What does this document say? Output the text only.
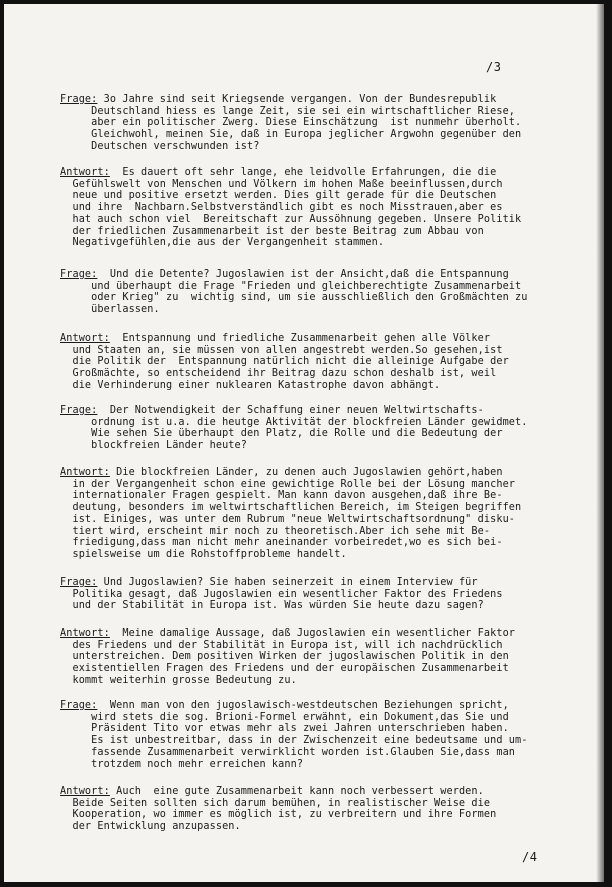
/3
Frage: 3o Jahre sind seit Kriegsende vergangen. Von der Bundesrepublik
Deutschland hiess es lange Zeit, sie sei ein wirtschaftlicher Riese,
aber ein politischer Zwerg. Diese Einschätzung  ist nunmehr überholt.
Gleichwohl, meinen Sie, daß in Europa jeglicher Argwohn gegenüber den
Deutschen verschwunden ist?
Antwort:  Es dauert oft sehr lange, ehe leidvolle Erfahrungen, die die
Gefühlswelt von Menschen und Völkern im hohen Maße beeinflussen,durch
neue und positive ersetzt werden. Dies gilt gerade für die Deutschen
und ihre  Nachbarn.Selbstverständlich gibt es noch Misstrauen,aber es
hat auch schon viel  Bereitschaft zur Aussöhnung gegeben. Unsere Politik
der friedlichen Zusammenarbeit ist der beste Beitrag zum Abbau von
Negativgefühlen,die aus der Vergangenheit stammen.
Frage:  Und die Detente? Jugoslawien ist der Ansicht,daß die Entspannung
und überhaupt die Frage "Frieden und gleichberechtigte Zusammenarbeit
oder Krieg" zu  wichtig sind, um sie ausschließlich den Großmächten zu
überlassen.
Antwort:  Entspannung und friedliche Zusammenarbeit gehen alle Völker
und Staaten an, sie müssen von allen angestrebt werden.So gesehen,ist
die Politik der  Entspannung natürlich nicht die alleinige Aufgabe der
Großmächte, so entscheidend ihr Beitrag dazu schon deshalb ist, weil
die Verhinderung einer nuklearen Katastrophe davon abhängt.
Frage:  Der Notwendigkeit der Schaffung einer neuen Weltwirtschafts-
ordnung ist u.a. die heutge Aktivität der blockfreien Länder gewidmet.
Wie sehen Sie überhaupt den Platz, die Rolle und die Bedeutung der
blockfreien Länder heute?
Antwort: Die blockfreien Länder, zu denen auch Jugoslawien gehört,haben
in der Vergangenheit schon eine gewichtige Rolle bei der Lösung mancher
internationaler Fragen gespielt. Man kann davon ausgehen,daß ihre Be-
deutung, besonders im weltwirtschaftlichen Bereich, im Steigen begriffen
ist. Einiges, was unter dem Rubrum "neue Weltwirtschaftsordnung" disku-
tiert wird, erscheint mir noch zu theoretisch.Aber ich sehe mit Be-
friedigung,dass man nicht mehr aneinander vorbeiredet,wo es sich bei-
spielsweise um die Rohstoffprobleme handelt.
Frage: Und Jugoslawien? Sie haben seinerzeit in einem Interview für
Politika gesagt, daß Jugoslawien ein wesentlicher Faktor des Friedens
und der Stabilität in Europa ist. Was würden Sie heute dazu sagen?
Antwort:  Meine damalige Aussage, daß Jugoslawien ein wesentlicher Faktor
des Friedens und der Stabilität in Europa ist, will ich nachdrücklich
unterstreichen. Dem positiven Wirken der jugoslawischen Politik in den
existentiellen Fragen des Friedens und der europäischen Zusammenarbeit
kommt weiterhin grosse Bedeutung zu.
Frage:  Wenn man von den jugoslawisch-westdeutschen Beziehungen spricht,
wird stets die sog. Brioni-Formel erwähnt, ein Dokument,das Sie und
Präsident Tito vor etwas mehr als zwei Jahren unterschrieben haben.
Es ist unbestreitbar, dass in der Zwischenzeit eine bedeutsame und um-
fassende Zusammenarbeit verwirklicht worden ist.Glauben Sie,dass man
trotzdem noch mehr erreichen kann?
Antwort: Auch  eine gute Zusammenarbeit kann noch verbessert werden.
Beide Seiten sollten sich darum bemühen, in realistischer Weise die
Kooperation, wo immer es möglich ist, zu verbreitern und ihre Formen
der Entwicklung anzupassen.
/4
